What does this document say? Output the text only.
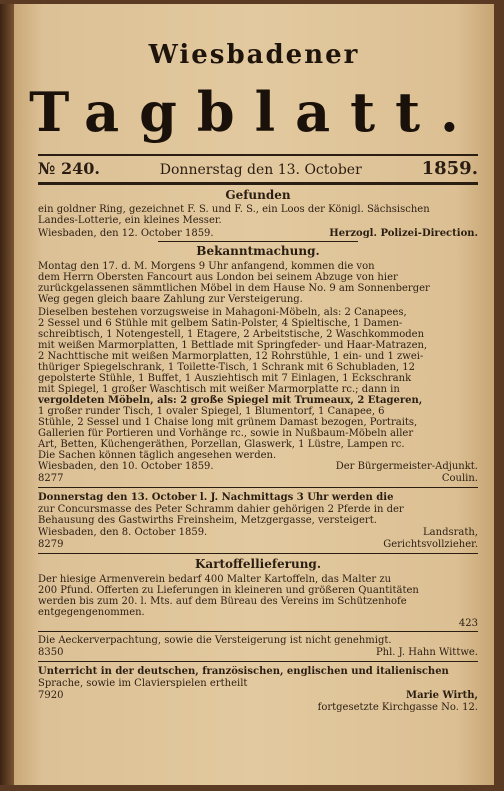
Wiesbadener
Tagblatt.
№ 240.	Donnerstag den 13. October	1859.
Gefunden
ein goldner Ring, gezeichnet F. S. und F. S., ein Loos der Königl. Sächsischen
Landes-Lotterie, ein kleines Messer.
Wiesbaden, den 12. October 1859.	Herzogl. Polizei-Direction.
Bekanntmachung.
Montag den 17. d. M. Morgens 9 Uhr anfangend, kommen die von
dem Herrn Obersten Fancourt aus London bei seinem Abzuge von hier
zurückgelassenen sämmtlichen Möbel in dem Hause No. 9 am Sonnenberger
Weg gegen gleich baare Zahlung zur Versteigerung.
Dieselben bestehen vorzugsweise in Mahagoni-Möbeln, als: 2 Canapees,
2 Sessel und 6 Stühle mit gelbem Satin-Polster, 4 Spieltische, 1 Damen-
schreibtisch, 1 Notengestell, 1 Etagere, 2 Arbeitstische, 2 Waschkommoden
mit weißen Marmorplatten, 1 Bettlade mit Springfeder- und Haar-Matrazen,
2 Nachttische mit weißen Marmorplatten, 12 Rohrstühle, 1 ein- und 1 zwei-
thüriger Spiegelschrank, 1 Toilette-Tisch, 1 Schrank mit 6 Schubladen, 12
gepolsterte Stühle, 1 Buffet, 1 Ausziehtisch mit 7 Einlagen, 1 Eckschrank
mit Spiegel, 1 großer Waschtisch mit weißer Marmorplatte rc.; dann in
vergoldeten Möbeln, als: 2 große Spiegel mit Trumeaux, 2 Etageren,
1 großer runder Tisch, 1 ovaler Spiegel, 1 Blumentorf, 1 Canapee, 6
Stühle, 2 Sessel und 1 Chaise long mit grünem Damast bezogen, Portraits,
Gallerien für Portieren und Vorhänge rc., sowie in Nußbaum-Möbeln aller
Art, Betten, Küchengeräthen, Porzellan, Glaswerk, 1 Lüstre, Lampen rc.
Die Sachen können täglich angesehen werden.
Wiesbaden, den 10. October 1859.	Der Bürgermeister-Adjunkt.
8277	Coulin.
Donnerstag den 13. October l. J. Nachmittags 3 Uhr werden die
zur Concursmasse des Peter Schramm dahier gehörigen 2 Pferde in der
Behausung des Gastwirths Freinsheim, Metzgergasse, versteigert.
Wiesbaden, den 8. October 1859.	Landsrath,
8279	Gerichtsvollzieher.
Kartoffellieferung.
Der hiesige Armenverein bedarf 400 Malter Kartoffeln, das Malter zu
200 Pfund. Offerten zu Lieferungen in kleineren und größeren Quantitäten
werden bis zum 20. l. Mts. auf dem Büreau des Vereins im Schützenhofe
entgegengenommen.
423
Die Aeckerverpachtung, sowie die Versteigerung ist nicht genehmigt.
8350	Phl. J. Hahn Wittwe.
Unterricht in der deutschen, französischen, englischen und italienischen
Sprache, sowie im Clavierspielen ertheilt
7920	Marie Wirth,
fortgesetzte Kirchgasse No. 12.
